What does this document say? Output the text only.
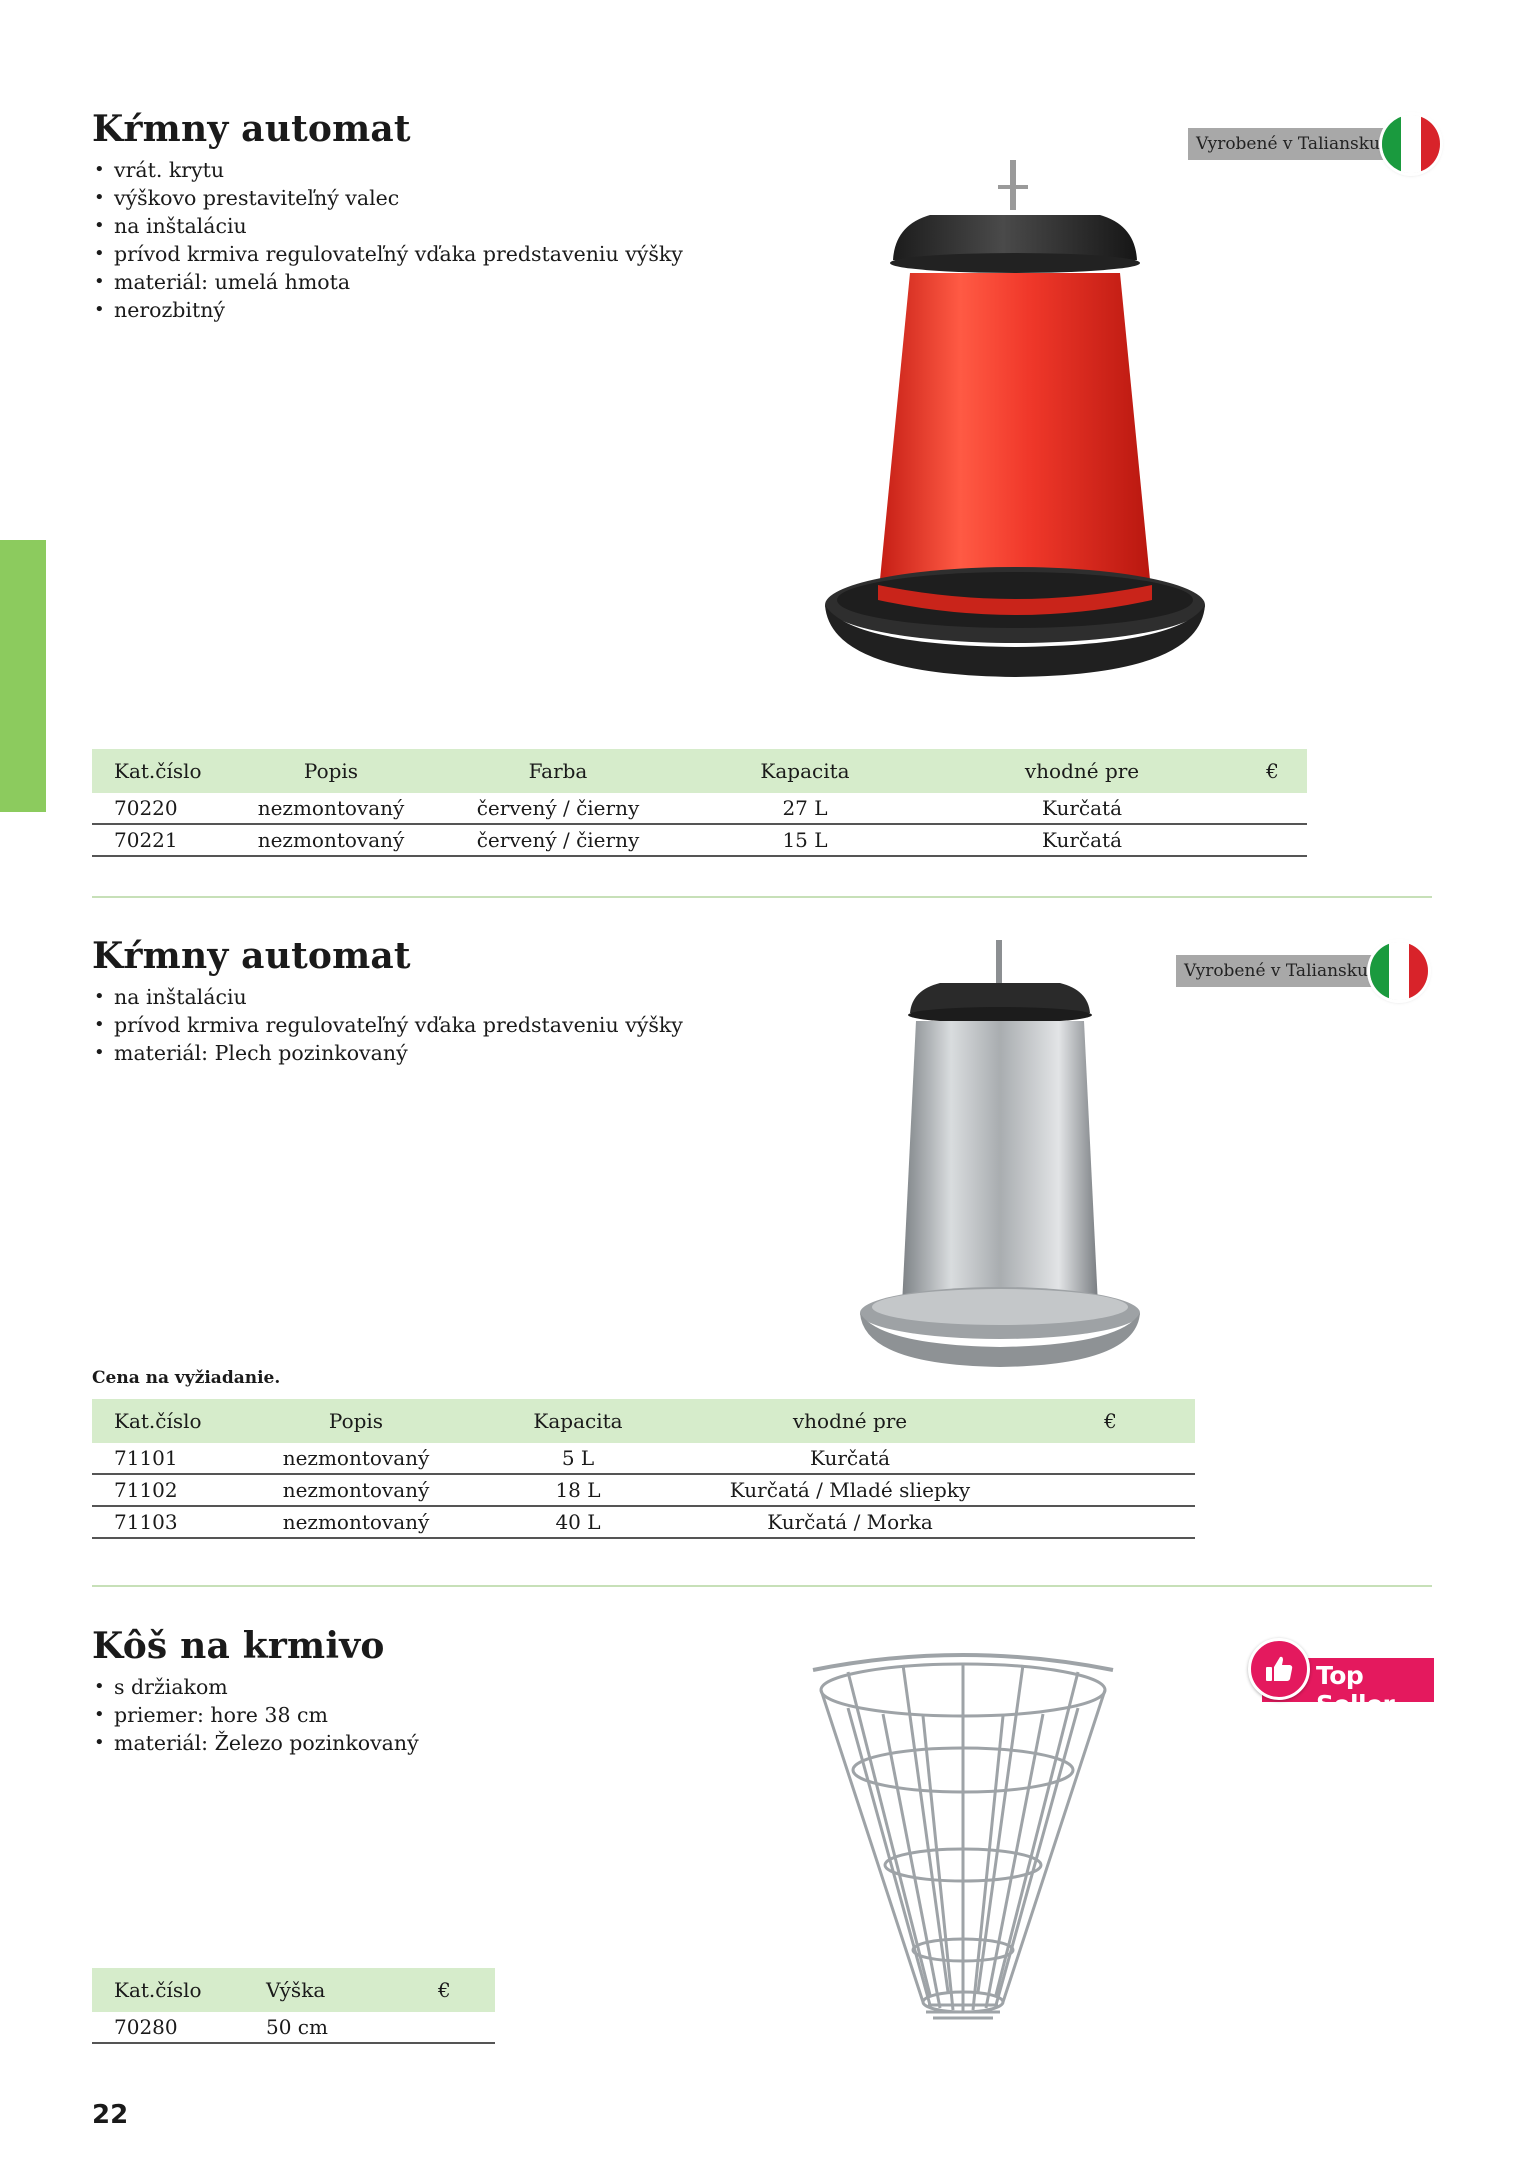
Kŕmny automat
• vrát. krytu
• výškovo prestaviteľný valec
• na inštaláciu
• prívod krmiva regulovateľný vďaka predstaveniu výšky
• materiál: umelá hmota
• nerozbitný
Vyrobené v Taliansku
Kat.číslo	Popis	Farba	Kapacita	vhodné pre	€
70220	nezmontovaný	červený / čierny	27 L	Kurčatá	
70221	nezmontovaný	červený / čierny	15 L	Kurčatá	
Kŕmny automat
• na inštaláciu
• prívod krmiva regulovateľný vďaka predstaveniu výšky
• materiál: Plech pozinkovaný
Vyrobené v Taliansku
Cena na vyžiadanie.
Kat.číslo	Popis	Kapacita	vhodné pre	€
71101	nezmontovaný	5 L	Kurčatá	
71102	nezmontovaný	18 L	Kurčatá / Mladé sliepky	
71103	nezmontovaný	40 L	Kurčatá / Morka	
Kôš na krmivo
• s držiakom
• priemer: hore 38 cm
• materiál: Železo pozinkovaný
Top Seller
Kat.číslo	Výška	€
70280	50 cm	
22
